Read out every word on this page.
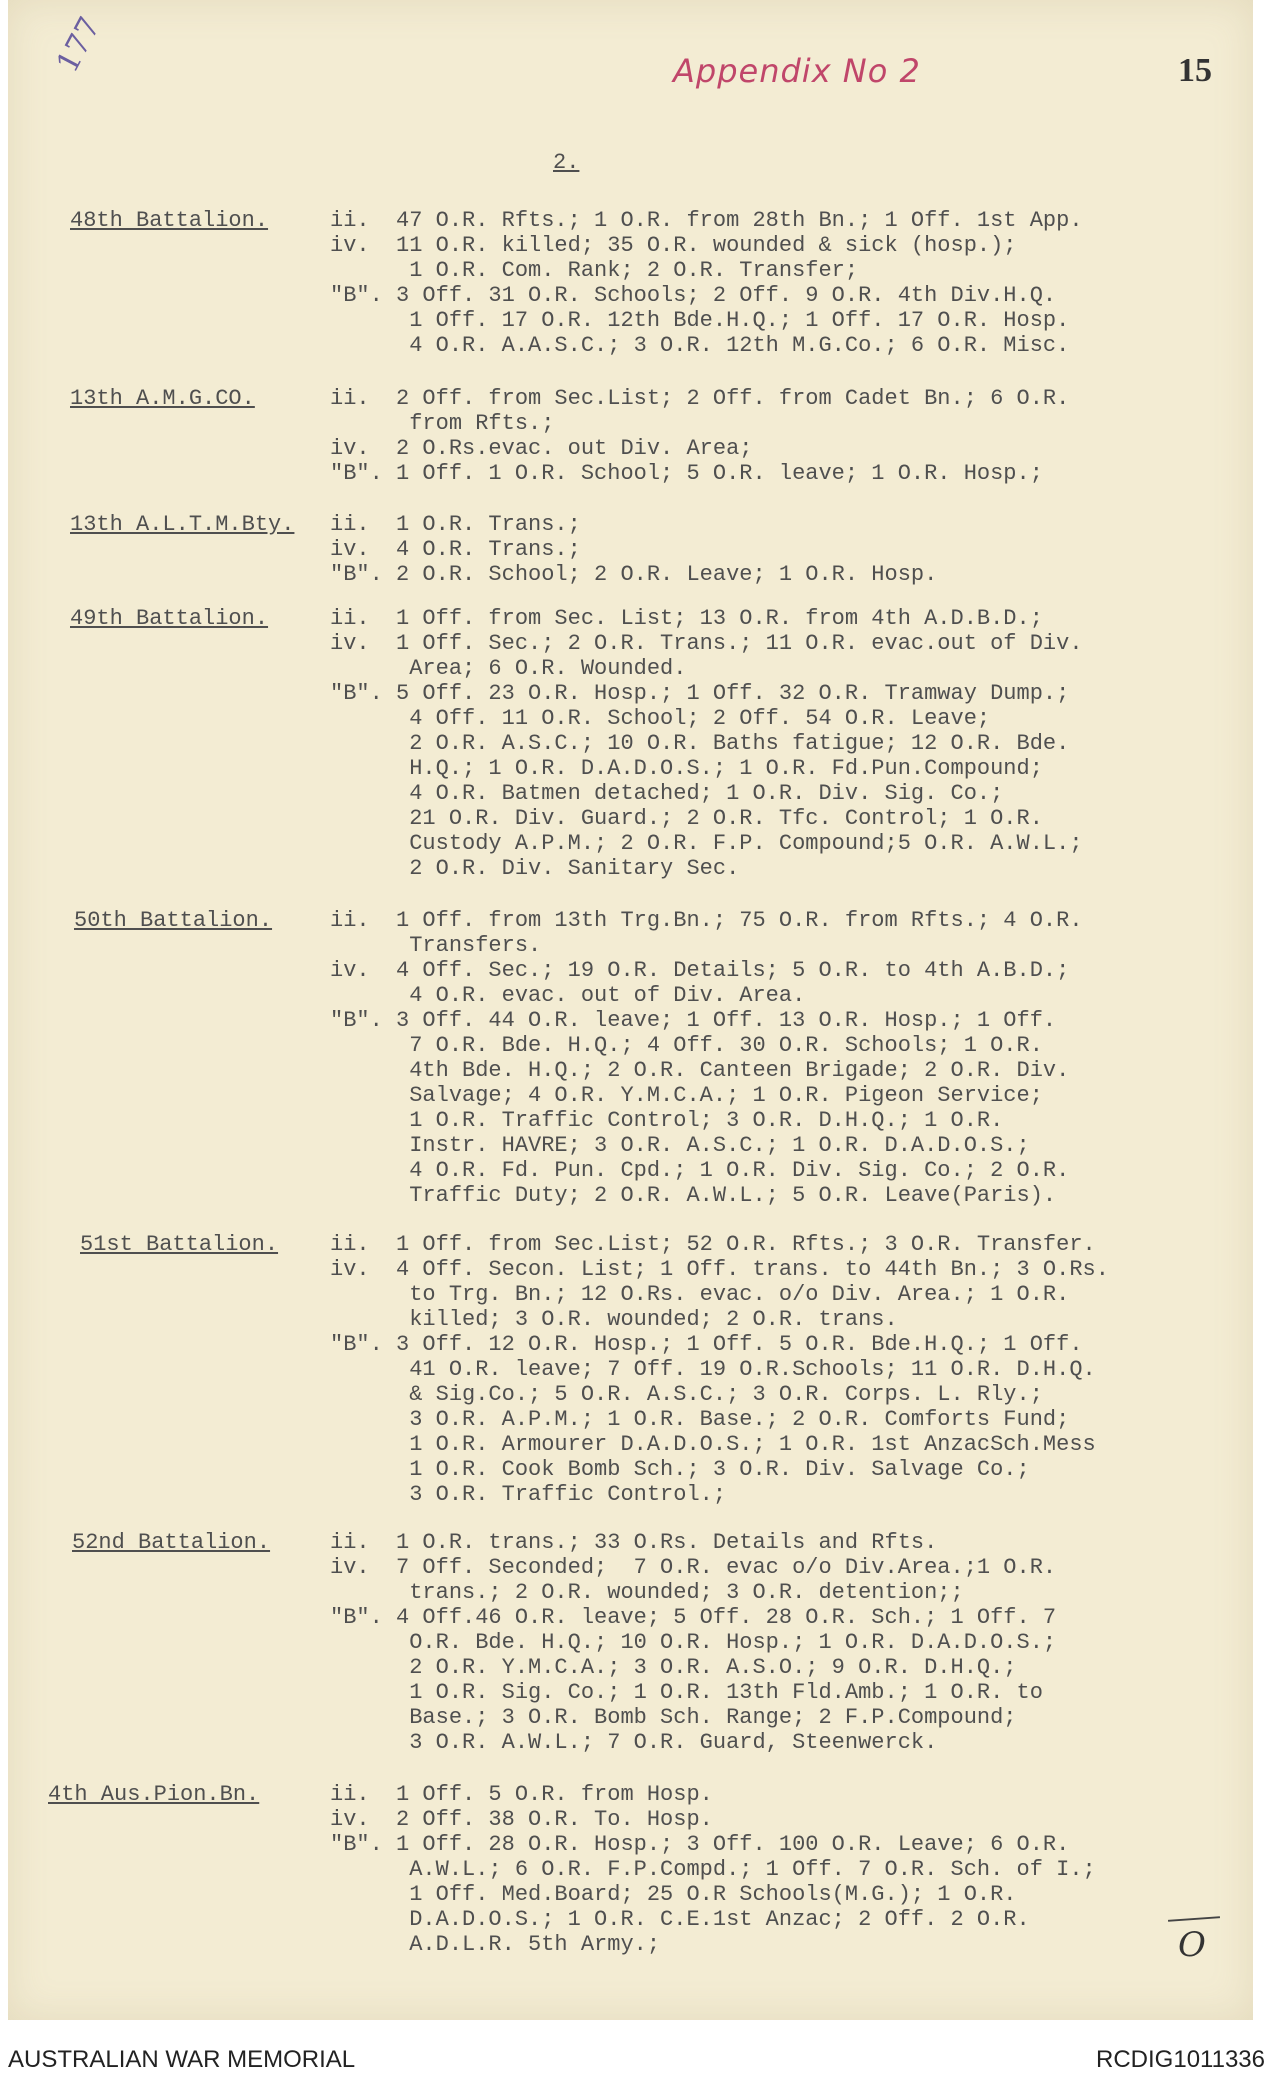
177	Appendix No 2	15
2.
48th Battalion.	ii.  47 O.R. Rfts.; 1 O.R. from 28th Bn.; 1 Off. 1st App.
iv.  11 O.R. killed; 35 O.R. wounded & sick (hosp.);
1 O.R. Com. Rank; 2 O.R. Transfer;
"B". 3 Off. 31 O.R. Schools; 2 Off. 9 O.R. 4th Div.H.Q.
1 Off. 17 O.R. 12th Bde.H.Q.; 1 Off. 17 O.R. Hosp.
4 O.R. A.A.S.C.; 3 O.R. 12th M.G.Co.; 6 O.R. Misc.
13th A.M.G.CO.	ii.  2 Off. from Sec.List; 2 Off. from Cadet Bn.; 6 O.R.
from Rfts.;
iv.  2 O.Rs.evac. out Div. Area;
"B". 1 Off. 1 O.R. School; 5 O.R. leave; 1 O.R. Hosp.;
13th A.L.T.M.Bty. ii.  1 O.R. Trans.;
iv.  4 O.R. Trans.;
"B". 2 O.R. School; 2 O.R. Leave; 1 O.R. Hosp.
49th Battalion.	ii.  1 Off. from Sec. List; 13 O.R. from 4th A.D.B.D.;
iv.  1 Off. Sec.; 2 O.R. Trans.; 11 O.R. evac.out of Div.
Area; 6 O.R. Wounded.
"B". 5 Off. 23 O.R. Hosp.; 1 Off. 32 O.R. Tramway Dump.;
4 Off. 11 O.R. School; 2 Off. 54 O.R. Leave;
2 O.R. A.S.C.; 10 O.R. Baths fatigue; 12 O.R. Bde.
H.Q.; 1 O.R. D.A.D.O.S.; 1 O.R. Fd.Pun.Compound;
4 O.R. Batmen detached; 1 O.R. Div. Sig. Co.;
21 O.R. Div. Guard.; 2 O.R. Tfc. Control; 1 O.R.
Custody A.P.M.; 2 O.R. F.P. Compound;5 O.R. A.W.L.;
2 O.R. Div. Sanitary Sec.
50th Battalion.	ii.  1 Off. from 13th Trg.Bn.; 75 O.R. from Rfts.; 4 O.R.
Transfers.
iv.  4 Off. Sec.; 19 O.R. Details; 5 O.R. to 4th A.B.D.;
4 O.R. evac. out of Div. Area.
"B". 3 Off. 44 O.R. leave; 1 Off. 13 O.R. Hosp.; 1 Off.
7 O.R. Bde. H.Q.; 4 Off. 30 O.R. Schools; 1 O.R.
4th Bde. H.Q.; 2 O.R. Canteen Brigade; 2 O.R. Div.
Salvage; 4 O.R. Y.M.C.A.; 1 O.R. Pigeon Service;
1 O.R. Traffic Control; 3 O.R. D.H.Q.; 1 O.R.
Instr. HAVRE; 3 O.R. A.S.C.; 1 O.R. D.A.D.O.S.;
4 O.R. Fd. Pun. Cpd.; 1 O.R. Div. Sig. Co.; 2 O.R.
Traffic Duty; 2 O.R. A.W.L.; 5 O.R. Leave(Paris).
51st Battalion. ii.  1 Off. from Sec.List; 52 O.R. Rfts.; 3 O.R. Transfer.
iv.  4 Off. Secon. List; 1 Off. trans. to 44th Bn.; 3 O.Rs.
to Trg. Bn.; 12 O.Rs. evac. o/o Div. Area.; 1 O.R.
killed; 3 O.R. wounded; 2 O.R. trans.
"B". 3 Off. 12 O.R. Hosp.; 1 Off. 5 O.R. Bde.H.Q.; 1 Off.
41 O.R. leave; 7 Off. 19 O.R.Schools; 11 O.R. D.H.Q.
& Sig.Co.; 5 O.R. A.S.C.; 3 O.R. Corps. L. Rly.;
3 O.R. A.P.M.; 1 O.R. Base.; 2 O.R. Comforts Fund;
1 O.R. Armourer D.A.D.O.S.; 1 O.R. 1st AnzacSch.Mess
1 O.R. Cook Bomb Sch.; 3 O.R. Div. Salvage Co.;
3 O.R. Traffic Control.;
52nd Battalion.	ii.  1 O.R. trans.; 33 O.Rs. Details and Rfts.
iv.  7 Off. Seconded;  7 O.R. evac o/o Div.Area.;1 O.R.
trans.; 2 O.R. wounded; 3 O.R. detention;;
"B". 4 Off.46 O.R. leave; 5 Off. 28 O.R. Sch.; 1 Off. 7
O.R. Bde. H.Q.; 10 O.R. Hosp.; 1 O.R. D.A.D.O.S.;
2 O.R. Y.M.C.A.; 3 O.R. A.S.O.; 9 O.R. D.H.Q.;
1 O.R. Sig. Co.; 1 O.R. 13th Fld.Amb.; 1 O.R. to
Base.; 3 O.R. Bomb Sch. Range; 2 F.P.Compound;
3 O.R. A.W.L.; 7 O.R. Guard, Steenwerck.
4th Aus.Pion.Bn.	ii.  1 Off. 5 O.R. from Hosp.
iv.  2 Off. 38 O.R. To. Hosp.
"B". 1 Off. 28 O.R. Hosp.; 3 Off. 100 O.R. Leave; 6 O.R.
A.W.L.; 6 O.R. F.P.Compd.; 1 Off. 7 O.R. Sch. of I.;
1 Off. Med.Board; 25 O.R Schools(M.G.); 1 O.R.
D.A.D.O.S.; 1 O.R. C.E.1st Anzac; 2 Off. 2 O.R.
A.D.L.R. 5th Army.;	O
AUSTRALIAN WAR MEMORIAL	RCDIG1011336
